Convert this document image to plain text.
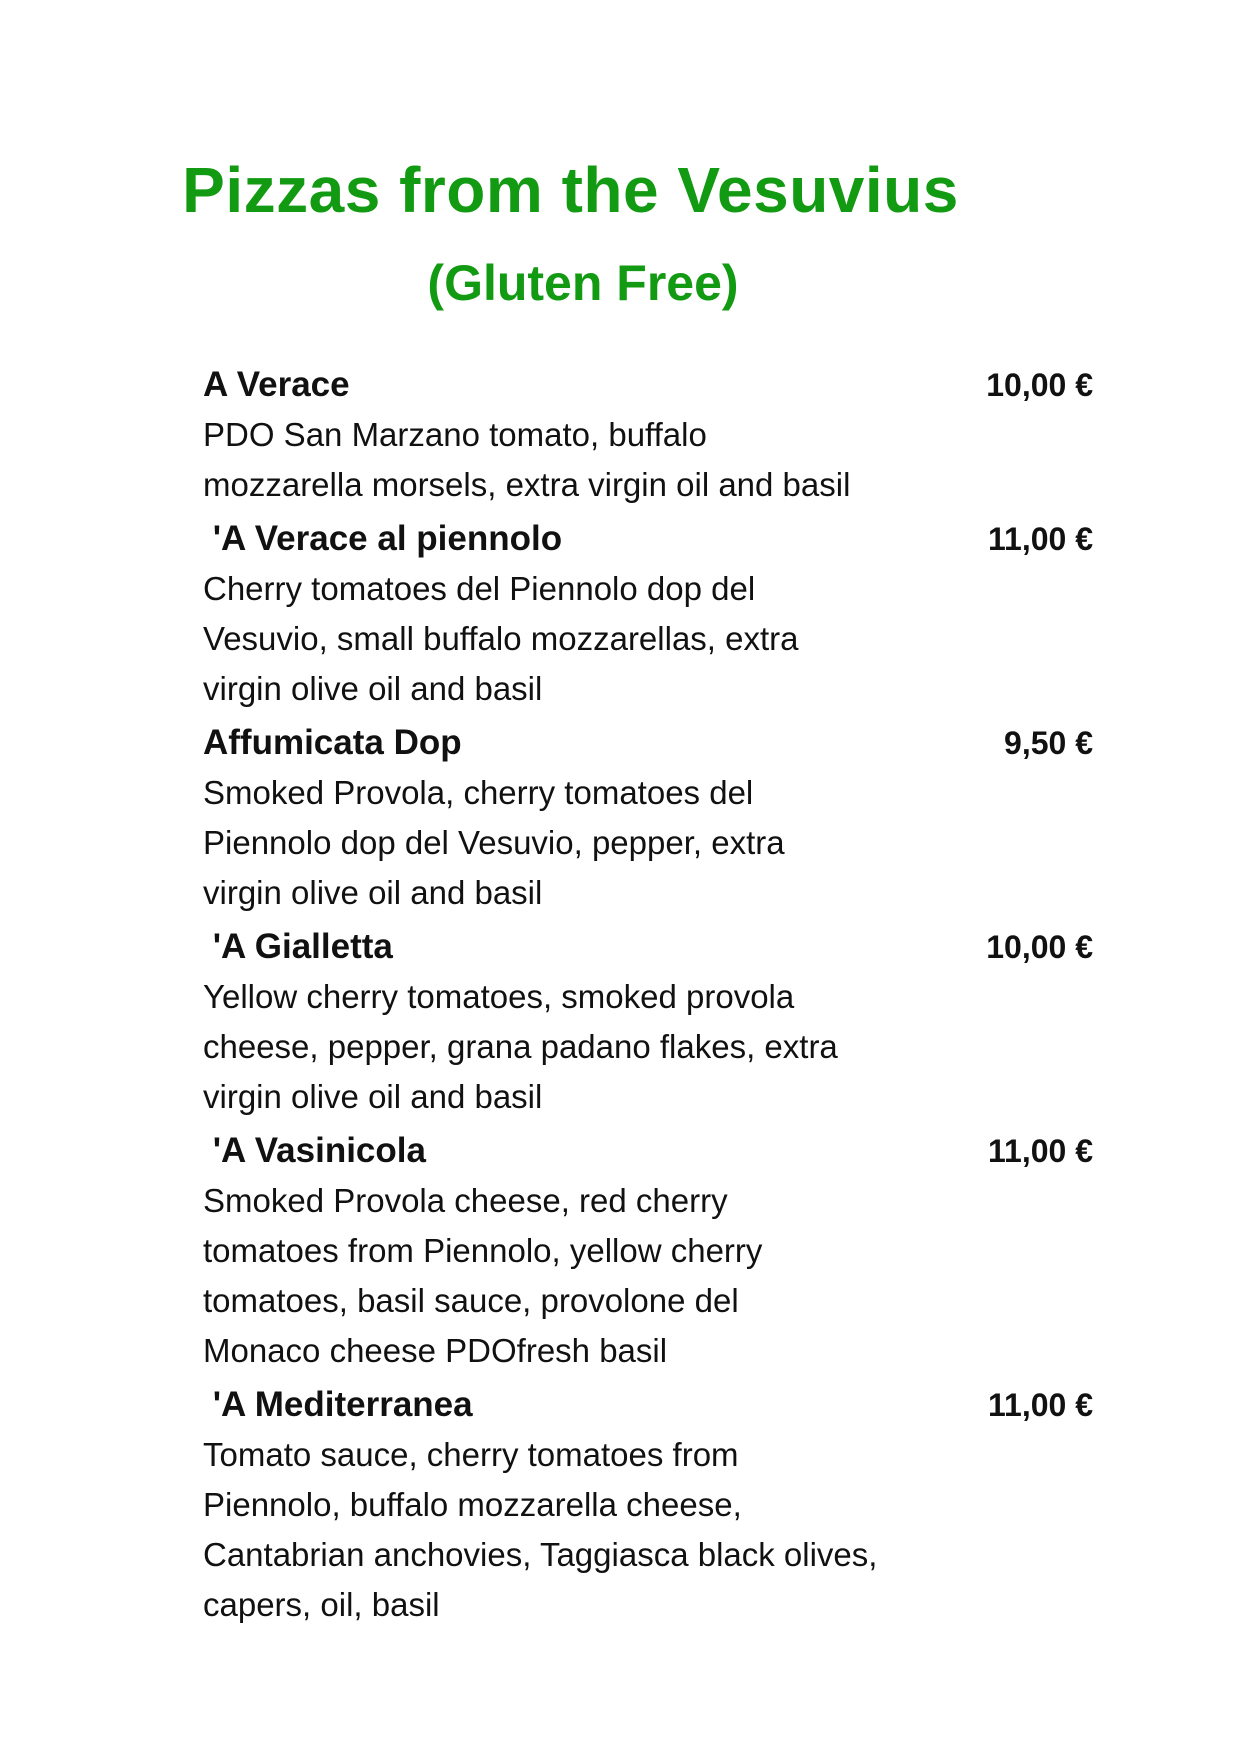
Pizzas from the Vesuvius
(Gluten Free)
A Verace	10,00 €
PDO San Marzano tomato, buffalo
mozzarella morsels, extra virgin oil and basil
'A Verace al piennolo	11,00 €
Cherry tomatoes del Piennolo dop del
Vesuvio, small buffalo mozzarellas, extra
virgin olive oil and basil
Affumicata Dop	9,50 €
Smoked Provola, cherry tomatoes del
Piennolo dop del Vesuvio, pepper, extra
virgin olive oil and basil
'A Gialletta	10,00 €
Yellow cherry tomatoes, smoked provola
cheese, pepper, grana padano flakes, extra
virgin olive oil and basil
'A Vasinicola	11,00 €
Smoked Provola cheese, red cherry
tomatoes from Piennolo, yellow cherry
tomatoes, basil sauce, provolone del
Monaco cheese PDOfresh basil
'A Mediterranea	11,00 €
Tomato sauce, cherry tomatoes from
Piennolo, buffalo mozzarella cheese,
Cantabrian anchovies, Taggiasca black olives,
capers, oil, basil
